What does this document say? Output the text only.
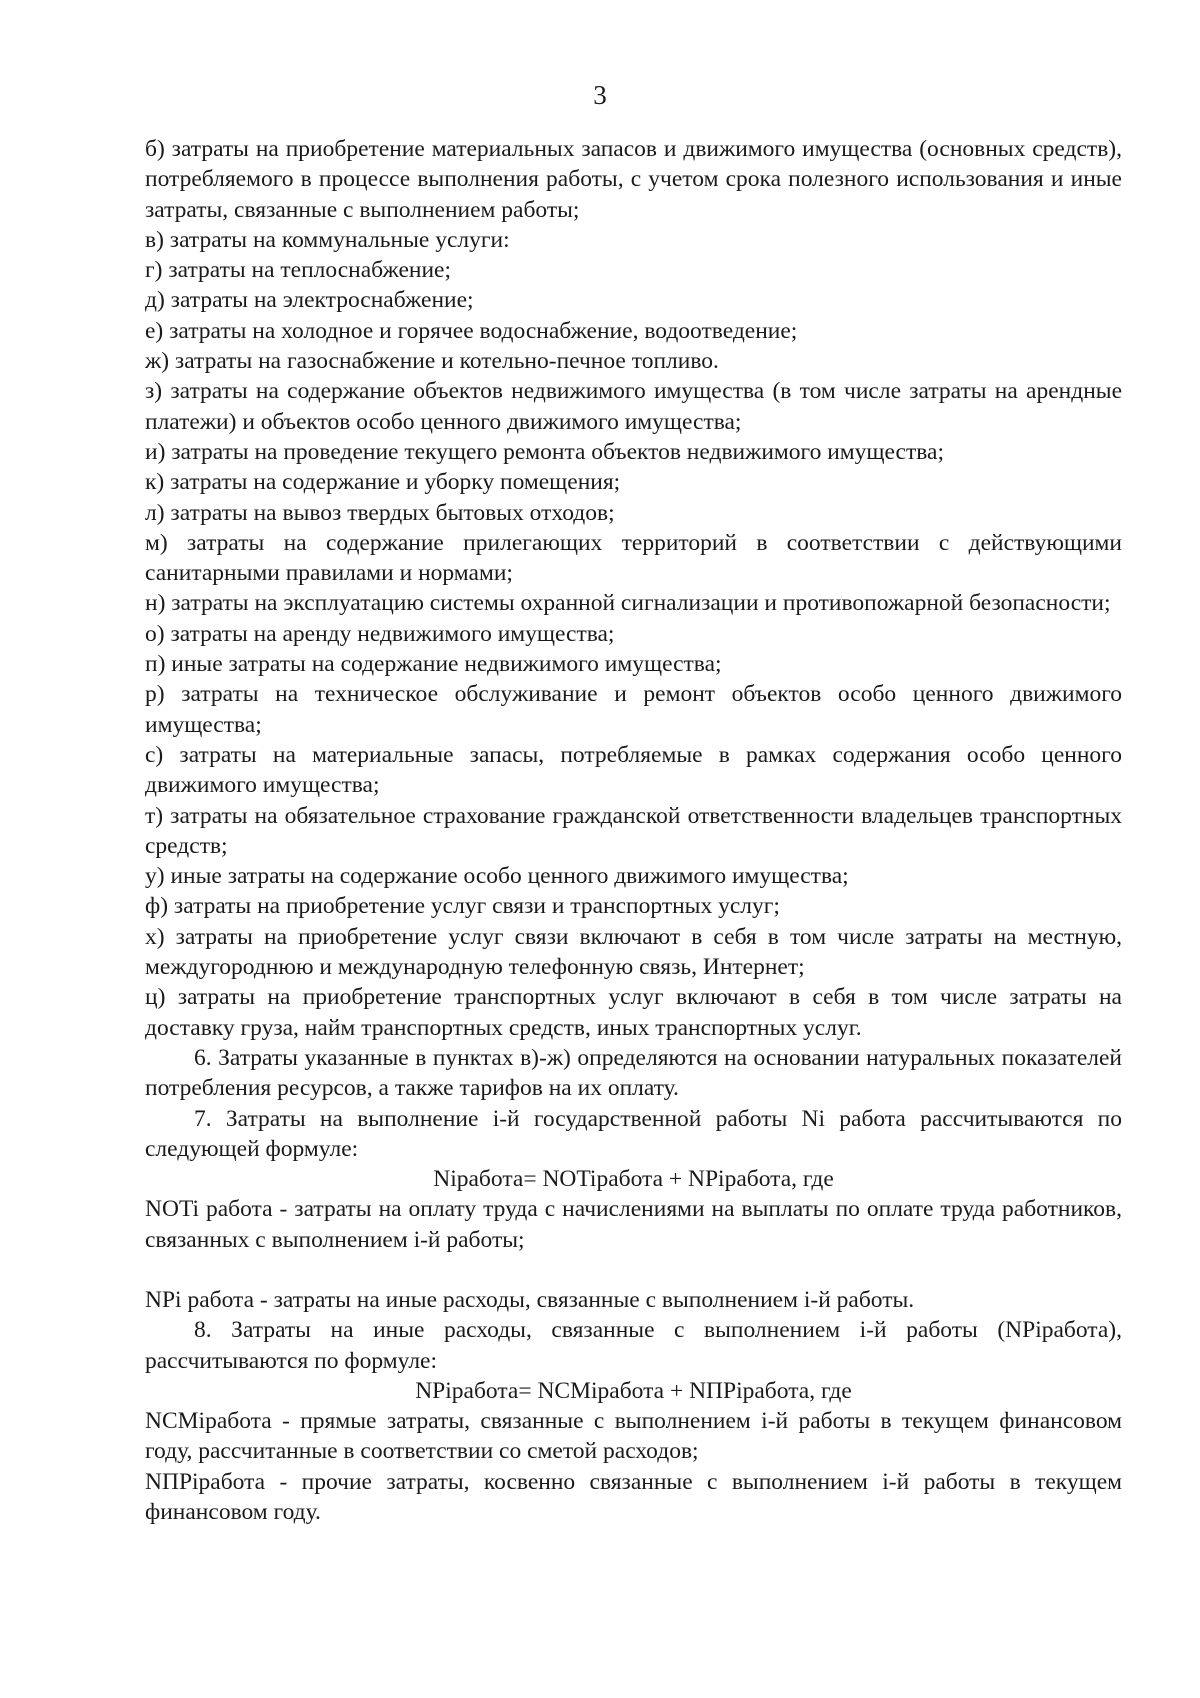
3

б) затраты на приобретение материальных запасов и движимого имущества (основных средств), потребляемого в процессе выполнения работы, с учетом срока полезного использования и иные затраты, связанные с выполнением работы;

в) затраты на коммунальные услуги:

г) затраты на теплоснабжение;

д) затраты на электроснабжение;

е) затраты на холодное и горячее водоснабжение, водоотведение;

ж) затраты на газоснабжение и котельно-печное топливо.

з) затраты на содержание объектов недвижимого имущества (в том числе затраты на арендные платежи) и объектов особо ценного движимого имущества;

и) затраты на проведение текущего ремонта объектов недвижимого имущества;

к) затраты на содержание и уборку помещения;

л) затраты на вывоз твердых бытовых отходов;

м) затраты на содержание прилегающих территорий в соответствии с действующими санитарными правилами и нормами;

н) затраты на эксплуатацию системы охранной сигнализации и противопожарной безопасности;

о) затраты на аренду недвижимого имущества;

п) иные затраты на содержание недвижимого имущества;

р) затраты на техническое обслуживание и ремонт объектов особо ценного движимого имущества;

с) затраты на материальные запасы, потребляемые в рамках содержания особо ценного движимого имущества;

т) затраты на обязательное страхование гражданской ответственности владельцев транспортных средств;

у) иные затраты на содержание особо ценного движимого имущества;

ф) затраты на приобретение услуг связи и транспортных услуг;

х) затраты на приобретение услуг связи включают в себя в том числе затраты на местную, междугороднюю и международную телефонную связь, Интернет;

ц) затраты на приобретение транспортных услуг включают в себя в том числе затраты на доставку груза, найм транспортных средств, иных транспортных услуг.

6. Затраты указанные в пунктах в)-ж) определяются на основании натуральных показателей потребления ресурсов, а также тарифов на их оплату.

7. Затраты на выполнение i-й государственной работы Ni работа рассчитываются по следующей формуле:

Niработа= NOTiработа + NPiработа, где

NOTi работа - затраты на оплату труда с начислениями на выплаты по оплате труда работников, связанных с выполнением i-й работы;

NPi работа - затраты на иные расходы, связанные с выполнением i-й работы.

8. Затраты на иные расходы, связанные с выполнением i-й работы (NPiработа), рассчитываются по формуле:

NPiработа= NCMiработа + NПPiработа, где

NCMiработа - прямые затраты, связанные с выполнением i-й работы в текущем финансовом году, рассчитанные в соответствии со сметой расходов;

NПPiработа - прочие затраты, косвенно связанные с выполнением i-й работы в текущем финансовом году.
